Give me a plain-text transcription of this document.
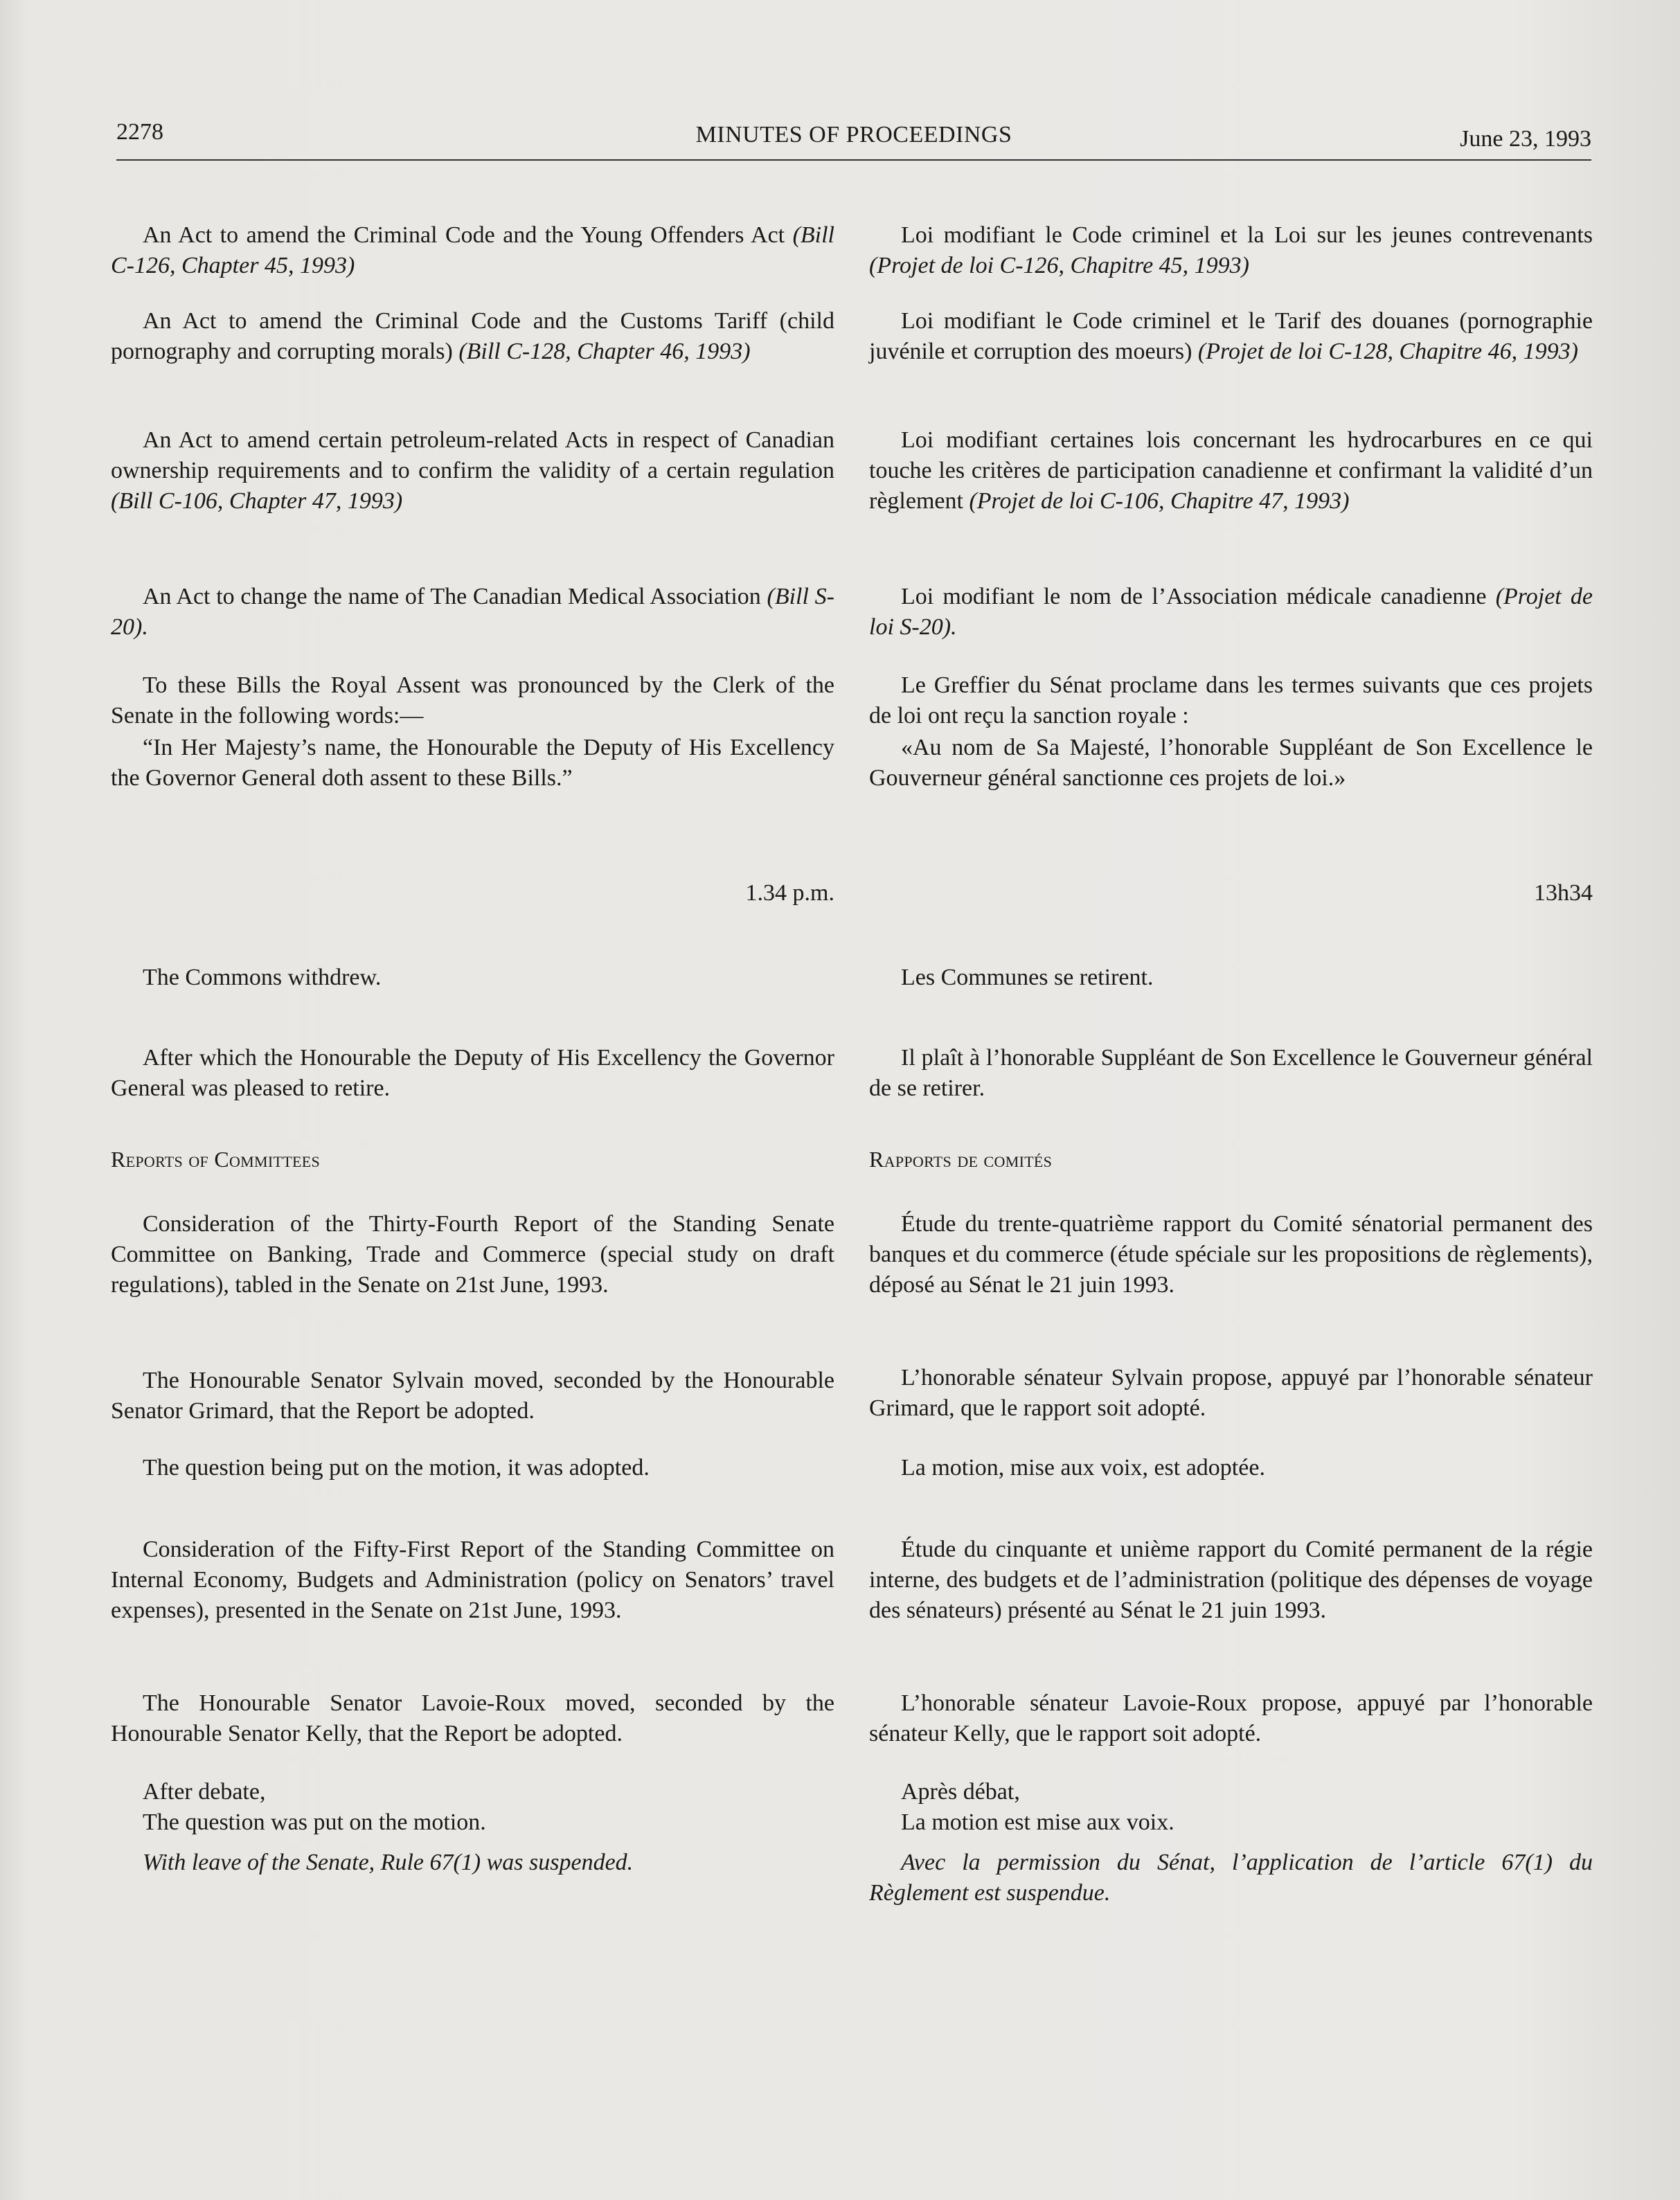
2278	MINUTES OF PROCEEDINGS	June 23, 1993

An Act to amend the Criminal Code and the Young Offenders Act (Bill C-126, Chapter 45, 1993)

An Act to amend the Criminal Code and the Customs Tariff (child pornography and corrupting morals) (Bill C-128, Chapter 46, 1993)

An Act to amend certain petroleum-related Acts in respect of Canadian ownership requirements and to confirm the validity of a certain regulation (Bill C-106, Chapter 47, 1993)

An Act to change the name of The Canadian Medical Association (Bill S-20).

To these Bills the Royal Assent was pronounced by the Clerk of the Senate in the following words:—

“In Her Majesty’s name, the Honourable the Deputy of His Excellency the Governor General doth assent to these Bills.”

1.34 p.m.

The Commons withdrew.

After which the Honourable the Deputy of His Excellency the Governor General was pleased to retire.

Reports of Committees

Consideration of the Thirty-Fourth Report of the Standing Senate Committee on Banking, Trade and Commerce (special study on draft regulations), tabled in the Senate on 21st June, 1993.

The Honourable Senator Sylvain moved, seconded by the Honourable Senator Grimard, that the Report be adopted.

The question being put on the motion, it was adopted.

Consideration of the Fifty-First Report of the Standing Committee on Internal Economy, Budgets and Administration (policy on Senators’ travel expenses), presented in the Senate on 21st June, 1993.

The Honourable Senator Lavoie-Roux moved, seconded by the Honourable Senator Kelly, that the Report be adopted.

After debate,

The question was put on the motion.

With leave of the Senate, Rule 67(1) was suspended.

Loi modifiant le Code criminel et la Loi sur les jeunes contrevenants (Projet de loi C-126, Chapitre 45, 1993)

Loi modifiant le Code criminel et le Tarif des douanes (pornographie juvénile et corruption des moeurs) (Projet de loi C-128, Chapitre 46, 1993)

Loi modifiant certaines lois concernant les hydrocarbures en ce qui touche les critères de participation canadienne et confirmant la validité d’un règlement (Projet de loi C-106, Chapitre 47, 1993)

Loi modifiant le nom de l’Association médicale canadienne (Projet de loi S-20).

Le Greffier du Sénat proclame dans les termes suivants que ces projets de loi ont reçu la sanction royale :

«Au nom de Sa Majesté, l’honorable Suppléant de Son Excellence le Gouverneur général sanctionne ces projets de loi.»

13h34

Les Communes se retirent.

Il plaît à l’honorable Suppléant de Son Excellence le Gouverneur général de se retirer.

Rapports de comités

Étude du trente-quatrième rapport du Comité sénatorial permanent des banques et du commerce (étude spéciale sur les propositions de règlements), déposé au Sénat le 21 juin 1993.

L’honorable sénateur Sylvain propose, appuyé par l’honorable sénateur Grimard, que le rapport soit adopté.

La motion, mise aux voix, est adoptée.

Étude du cinquante et unième rapport du Comité permanent de la régie interne, des budgets et de l’administration (politique des dépenses de voyage des sénateurs) présenté au Sénat le 21 juin 1993.

L’honorable sénateur Lavoie-Roux propose, appuyé par l’honorable sénateur Kelly, que le rapport soit adopté.

Après débat,

La motion est mise aux voix.

Avec la permission du Sénat, l’application de l’article 67(1) du Règlement est suspendue.
